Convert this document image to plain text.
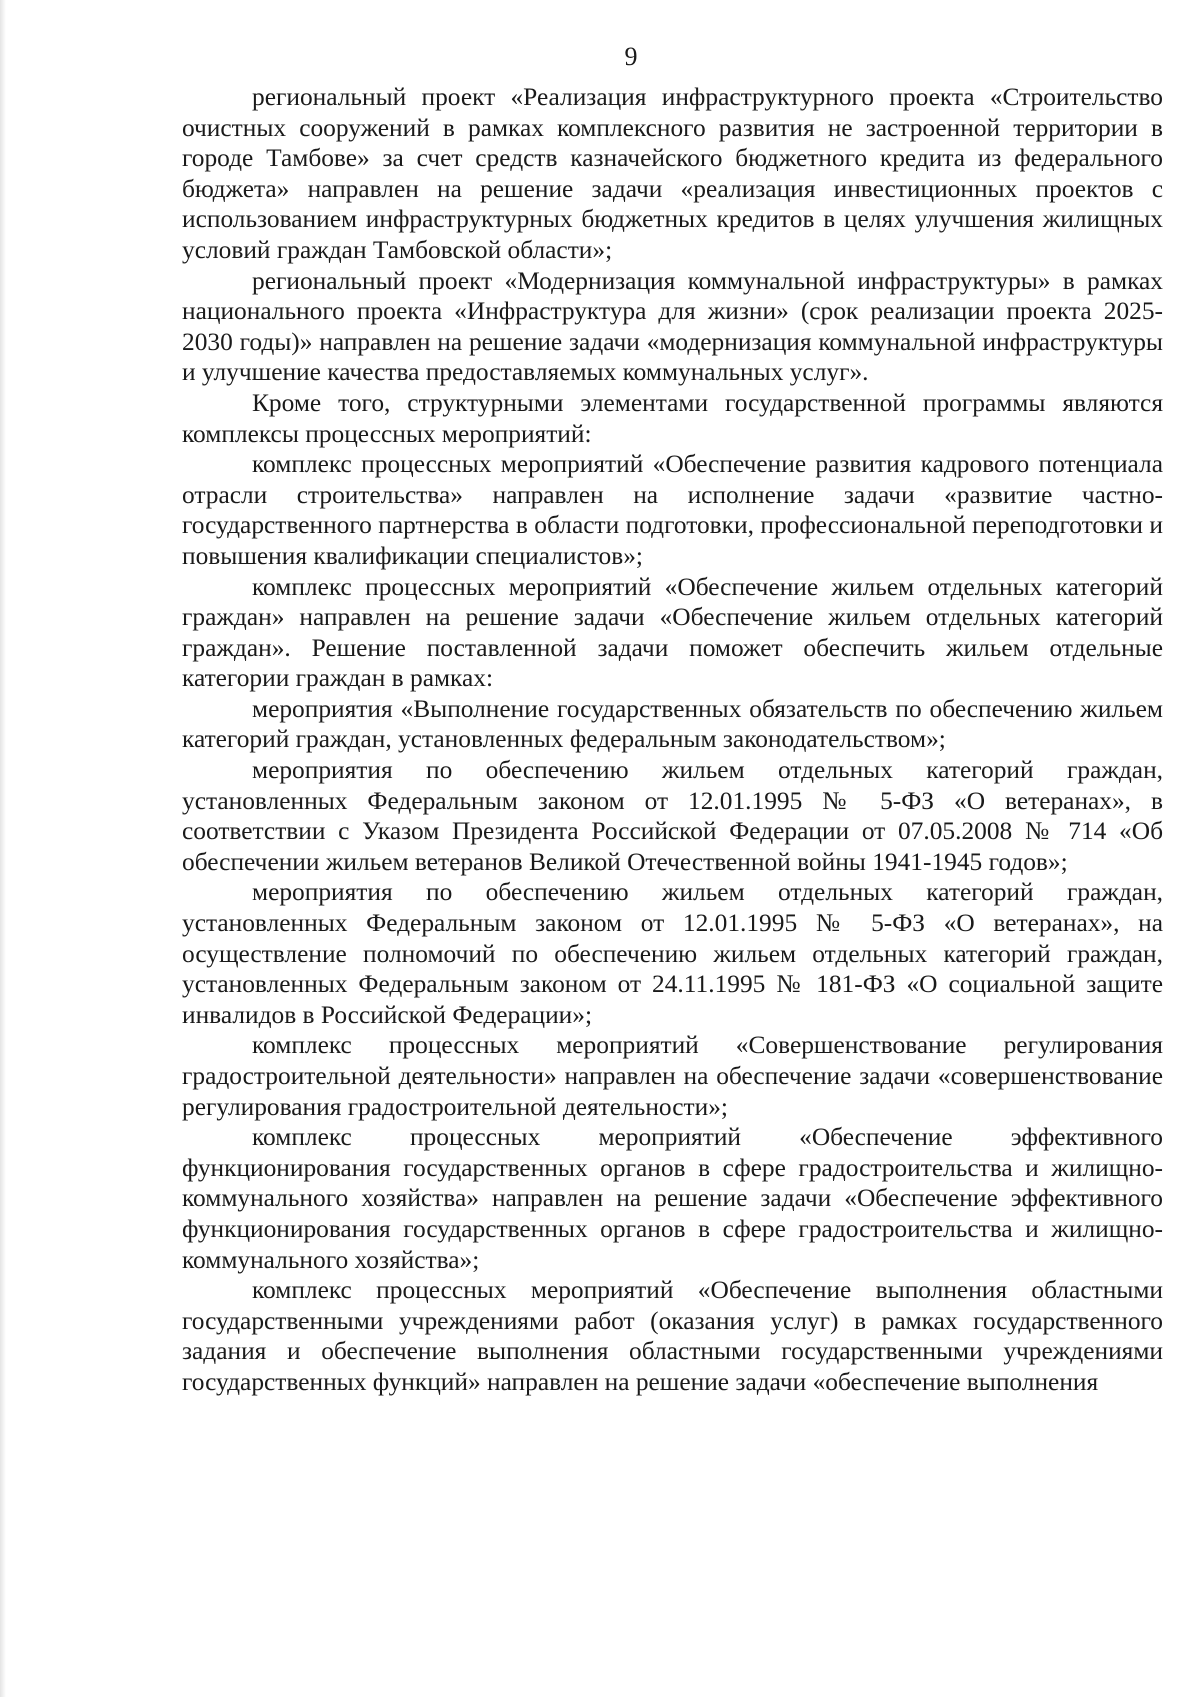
9

региональный проект «Реализация инфраструктурного проекта «Строительство очистных сооружений в рамках комплексного развития не застроенной территории в городе Тамбове» за счет средств казначейского бюджетного кредита из федерального бюджета» направлен на решение задачи «реализация инвестиционных проектов с использованием инфраструктурных бюджетных кредитов в целях улучшения жилищных условий граждан Тамбовской области»;

региональный проект «Модернизация коммунальной инфраструктуры» в рамках национального проекта «Инфраструктура для жизни» (срок реализации проекта 2025-2030 годы)» направлен на решение задачи «модернизация коммунальной инфраструктуры и улучшение качества предоставляемых коммунальных услуг».

Кроме того, структурными элементами государственной программы являются комплексы процессных мероприятий:

комплекс процессных мероприятий «Обеспечение развития кадрового потенциала отрасли строительства» направлен на исполнение задачи «развитие частно-государственного партнерства в области подготовки, профессиональной переподготовки и повышения квалификации специалистов»;

комплекс процессных мероприятий «Обеспечение жильем отдельных категорий граждан» направлен на решение задачи «Обеспечение жильем отдельных категорий граждан». Решение поставленной задачи поможет обеспечить жильем отдельные категории граждан в рамках:

мероприятия «Выполнение государственных обязательств по обеспечению жильем категорий граждан, установленных федеральным законодательством»;

мероприятия по обеспечению жильем отдельных категорий граждан, установленных Федеральным законом от 12.01.1995 № 5-ФЗ «О ветеранах», в соответствии с Указом Президента Российской Федерации от 07.05.2008 № 714 «Об обеспечении жильем ветеранов Великой Отечественной войны 1941-1945 годов»;

мероприятия по обеспечению жильем отдельных категорий граждан, установленных Федеральным законом от 12.01.1995 № 5-ФЗ «О ветеранах», на осуществление полномочий по обеспечению жильем отдельных категорий граждан, установленных Федеральным законом от 24.11.1995 № 181-ФЗ «О социальной защите инвалидов в Российской Федерации»;

комплекс процессных мероприятий «Совершенствование регулирования градостроительной деятельности» направлен на обеспечение задачи «совершенствование регулирования градостроительной деятельности»;

комплекс процессных мероприятий «Обеспечение эффективного функционирования государственных органов в сфере градостроительства и жилищно-коммунального хозяйства» направлен на решение задачи «Обеспечение эффективного функционирования государственных органов в сфере градостроительства и жилищно-коммунального хозяйства»;

комплекс процессных мероприятий «Обеспечение выполнения областными государственными учреждениями работ (оказания услуг) в рамках государственного задания и обеспечение выполнения областными государственными учреждениями государственных функций» направлен на решение задачи «обеспечение выполнения
